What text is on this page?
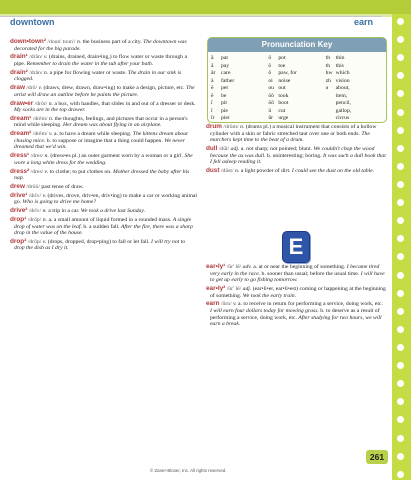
downtown	earn
down•town² /doun' toun'/ n. the business part of a city. The downtown was decorated for the big parade.
drain¹ /drān/ v. (drains, drained, drain•ing,) to flow water or waste through a pipe. Remember to drain the water in the tub after your bath.
drain² /drān/ n. a pipe for flowing water or waste. The drain in our sink is clogged.
draw /drô/ v. (draws, drew, drawn, draw•ing) to make a design, picture, etc. The artist will draw an outline before he paints the picture.
draw•er /drôr/ n. a box, with handles, that slides in and out of a dresser or desk. My socks are in the top drawer.
dream¹ /drēm/ n. the thoughts, feelings, and pictures that occur in a person's mind while sleeping. Her dream was about flying in an airplane.
dream² /drēm/ v. a. to have a dream while sleeping. The kittens dream about chasing mice. b. to suppose or imagine that a thing could happen. We never dreamed that we'd win.
dress¹ /dres/ n. (dress•es pl.) an outer garment worn by a woman or a girl. She wore a long white dress for the wedding.
dress² /dres/ v. to clothe; to put clothes on. Mother dressed the baby after his nap.
drew /drōō/ past tense of draw.
drive¹ /drīv/ v. (drives, drove, driv•en, driv•ing) to make a car or working animal go. Who is going to drive me home?
drive² /drīv/ n. a trip in a car. We took a drive last Sunday.
drop¹ /drŏp/ n. a. a small amount of liquid formed in a rounded mass. A single drop of water was on the leaf. b. a sudden fall. After the fire, there was a sharp drop in the value of the house.
drop² /drŏp/ v. (drops, dropped, drop•ping) to fall or let fall. I will try not to drop the dish as I dry it.
Pronunciation Key
ă pat	ō pot	th thin
ā pay	ō toe	th this
âr care	ô paw, for	hw which
ä father	oi noise	zh vision
ĕ pet	ou out	ə about,
ē be	ōō took	item,
ĭ pit	ōō boot	pencil,
ī pie	ŭ cut	gallop,
îr pier	ûr urge	circus
drum /drŭm/ n. (drums pl.) a musical instrument that consists of a hollow cylinder with a skin or fabric stretched taut over one or both ends. The marchers kept time to the beat of a drum.
dull /dŭl/ adj. a. not sharp; not pointed; blunt. We couldn't chop the wood because the ax was dull. b. uninteresting; boring. It was such a dull book that I fell asleep reading it.
dust /dŭst/ n. a light powder of dirt. I could see the dust on the old table.
E
ear•ly¹ /ûr' lē/ adv. a. at or near the beginning of something. I became tired very early in the race. b. sooner than usual; before the usual time. I will have to get up early to go fishing tomorrow.
ear•ly² /ûr' lē/ adj. (ear•li•er, ear•li•est) coming or happening at the beginning of something. We took the early train.
earn /ûrn/ v. a. to receive in return for performing a service, doing work, etc. I will earn four dollars today for mowing grass. b. to deserve as a result of performing a service, doing work, etc. After studying for two hours, we will earn a break.
© Zaner-Bloser, Inc. All rights reserved.
261
